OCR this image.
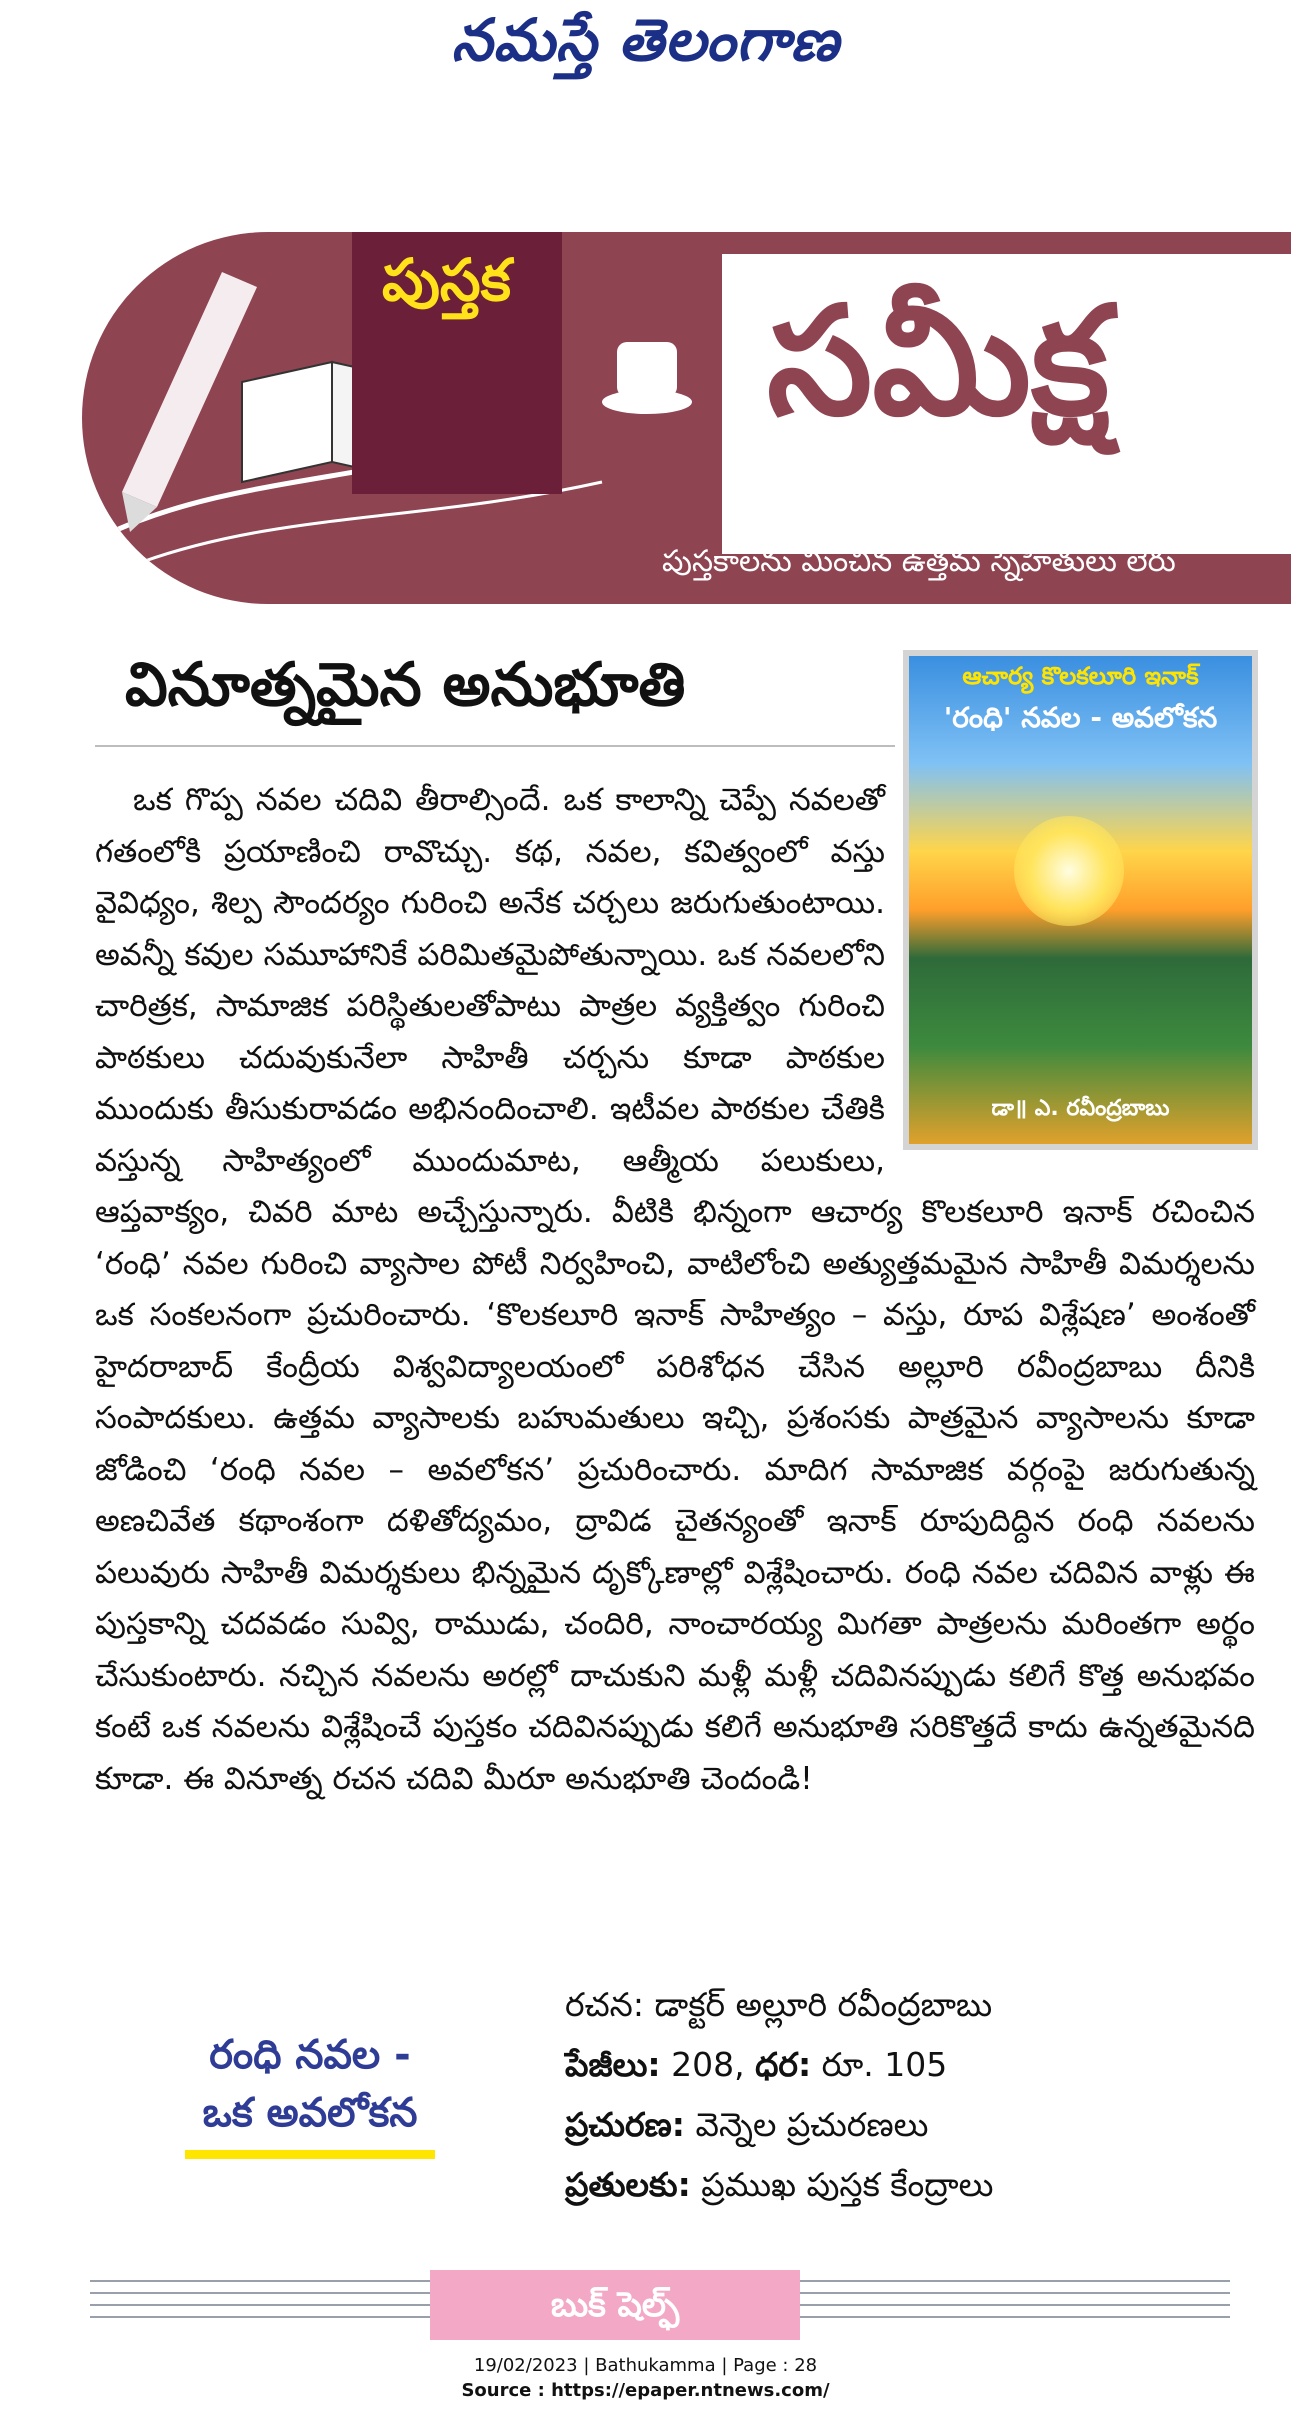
నమస్తే తెలంగాణ
పుస్తక సమీక్ష
పుస్తకాలను మించిన ఉత్తమ స్నేహితులు లేరు
వినూత్నమైన అనుభూతి	ఆచార్య కొలకలూరి ఇనాక్
'రంధి' నవల - అవలోకన
డా॥ ఎ. రవీంద్రబాబు

ఒక గొప్ప నవల చదివి తీరాల్సిందే. ఒక కాలాన్ని చెప్పే నవలతో గతంలోకి ప్రయాణించి రావొచ్చు. కథ, నవల, కవిత్వంలో వస్తు వైవిధ్యం, శిల్ప సౌందర్యం గురించి అనేక చర్చలు జరుగుతుంటాయి. అవన్నీ కవుల సమూహానికే పరిమితమైపోతున్నాయి. ఒక నవలలోని చారిత్రక, సామాజిక పరిస్థితులతోపాటు పాత్రల వ్యక్తిత్వం గురించి పాఠకులు చదువుకునేలా సాహితీ చర్చను కూడా పాఠకుల ముందుకు తీసుకురావడం అభినందించాలి. ఇటీవల పాఠకుల చేతికి వస్తున్న సాహిత్యంలో ముందుమాట, ఆత్మీయ పలుకులు, ఆప్తవాక్యం, చివరి మాట అచ్చేస్తున్నారు. వీటికి భిన్నంగా ఆచార్య కొలకలూరి ఇనాక్ రచించిన ‘రంధి’ నవల గురించి వ్యాసాల పోటీ నిర్వహించి, వాటిలోంచి అత్యుత్తమమైన సాహితీ విమర్శలను ఒక సంకలనంగా ప్రచురించారు. ‘కొలకలూరి ఇనాక్ సాహిత్యం – వస్తు, రూప విశ్లేషణ’ అంశంతో హైదరాబాద్ కేంద్రీయ విశ్వవిద్యాలయంలో పరిశోధన చేసిన అల్లూరి రవీంద్రబాబు దీనికి సంపాదకులు. ఉత్తమ వ్యాసాలకు బహుమతులు ఇచ్చి, ప్రశంసకు పాత్రమైన వ్యాసాలను కూడా జోడించి ‘రంధి నవల – అవలోకన’ ప్రచురించారు. మాదిగ సామాజిక వర్గంపై జరుగుతున్న అణచివేత కథాంశంగా దళితోద్యమం, ద్రావిడ చైతన్యంతో ఇనాక్ రూపుదిద్దిన రంధి నవలను పలువురు సాహితీ విమర్శకులు భిన్నమైన దృక్కోణాల్లో విశ్లేషించారు. రంధి నవల చదివిన వాళ్లు ఈ పుస్తకాన్ని చదవడం సువ్వి, రాముడు, చందిరి, నాంచారయ్య మిగతా పాత్రలను మరింతగా అర్థం చేసుకుంటారు. నచ్చిన నవలను అరల్లో దాచుకుని మళ్లీ మళ్లీ చదివినప్పుడు కలిగే కొత్త అనుభవం కంటే ఒక నవలను విశ్లేషించే పుస్తకం చదివినప్పుడు కలిగే అనుభూతి సరికొత్తదే కాదు ఉన్నతమైనది కూడా. ఈ వినూత్న రచన చదివి మీరూ అనుభూతి చెందండి!

రంధి నవల -
ఒక అవలోకన
రచన: డాక్టర్ అల్లూరి రవీంద్రబాబు
పేజీలు: 208, ధర: రూ. 105
ప్రచురణ: వెన్నెల ప్రచురణలు
ప్రతులకు: ప్రముఖ పుస్తక కేంద్రాలు
బుక్ షెల్ఫ్
19/02/2023 | Bathukamma | Page : 28
Source : https://epaper.ntnews.com/
